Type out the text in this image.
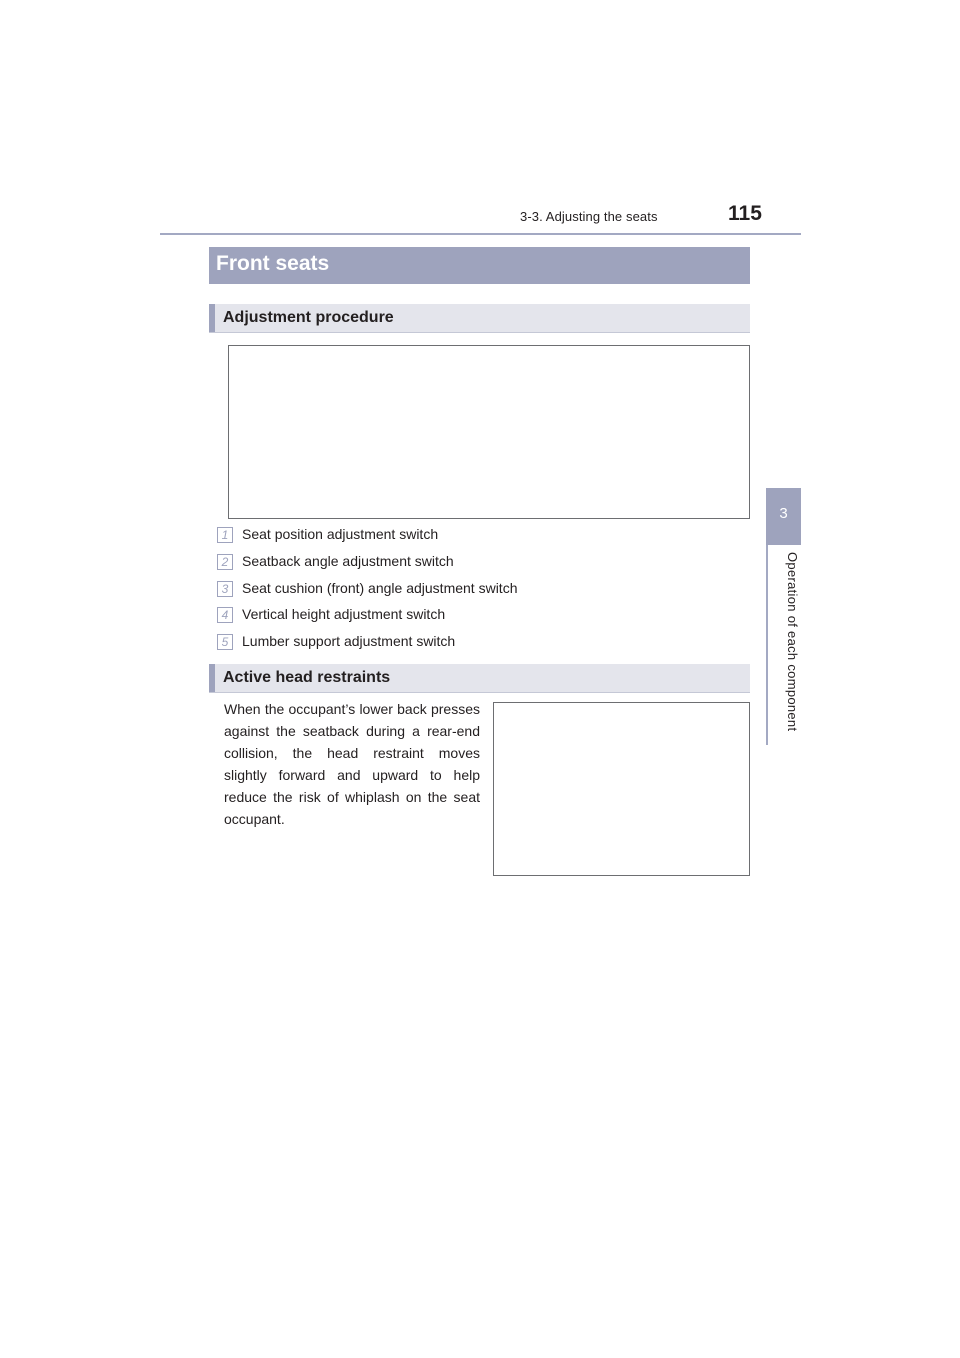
3-3. Adjusting the seats	115
3
Operation of each component
Front seats
Adjustment procedure
1 Seat position adjustment switch
2 Seatback angle adjustment switch
3 Seat cushion (front) angle adjustment switch
4 Vertical height adjustment switch
5 Lumber support adjustment switch
Active head restraints
When the occupant’s lower back presses against the seatback during a rear-end collision, the head restraint moves slightly forward and upward to help reduce the risk of whiplash on the seat occupant.
